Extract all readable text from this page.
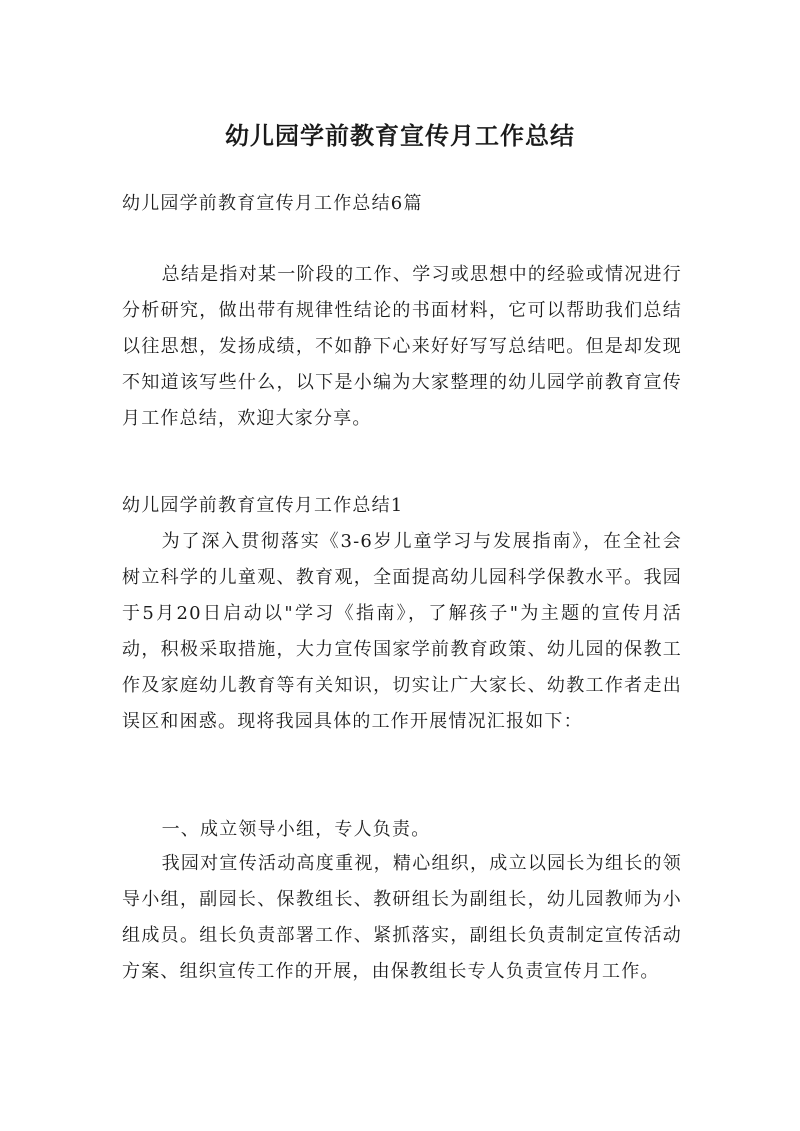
幼儿园学前教育宣传月工作总结

幼儿园学前教育宣传月工作总结6篇

总结是指对某一阶段的工作、学习或思想中的经验或情况进行分析研究，做出带有规律性结论的书面材料，它可以帮助我们总结以往思想，发扬成绩，不如静下心来好好写写总结吧。但是却发现不知道该写些什么，以下是小编为大家整理的幼儿园学前教育宣传月工作总结，欢迎大家分享。

幼儿园学前教育宣传月工作总结1

为了深入贯彻落实《3-6岁儿童学习与发展指南》，在全社会树立科学的儿童观、教育观，全面提高幼儿园科学保教水平。我园于5月20日启动以"学习《指南》，了解孩子"为主题的宣传月活动，积极采取措施，大力宣传国家学前教育政策、幼儿园的保教工作及家庭幼儿教育等有关知识，切实让广大家长、幼教工作者走出误区和困惑。现将我园具体的工作开展情况汇报如下：

一、成立领导小组，专人负责。

我园对宣传活动高度重视，精心组织，成立以园长为组长的领导小组，副园长、保教组长、教研组长为副组长，幼儿园教师为小组成员。组长负责部署工作、紧抓落实，副组长负责制定宣传活动方案、组织宣传工作的开展，由保教组长专人负责宣传月工作。
